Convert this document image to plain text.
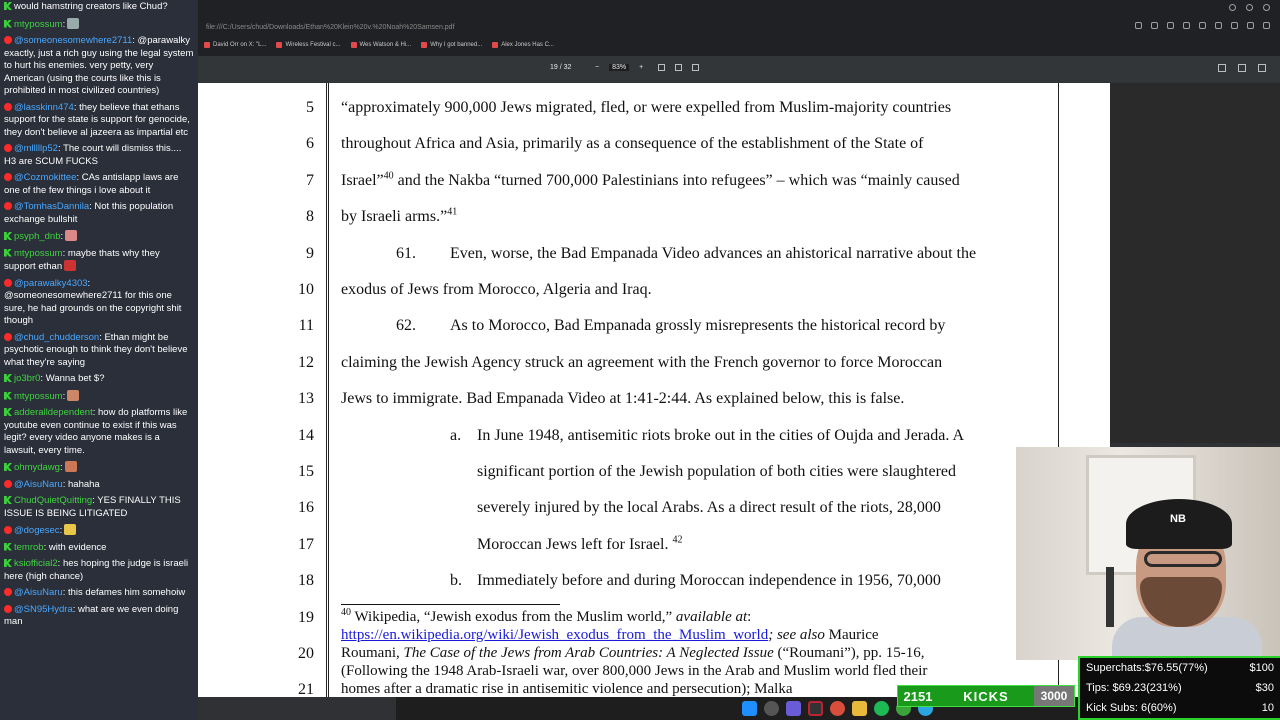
would hamstring creators like Chud?
mtypossum:
@someonesomewhere2711: @parawalky exactly, just a rich guy using the legal system to hurt his enemies. very petty, very American (using the courts like this is prohibited in most civilized countries)
@lasskinn474: they believe that ethans support for the state is support for genocide, they don't believe al jazeera as impartial etc
@mlllllp52: The court will dismiss this.... H3 are SCUM FUCKS
@Cozmokittee: CAs antislapp laws are one of the few things i love about it
@TomhasDannila: Not this population exchange bullshit
psyph_dnb:
mtypossum: maybe thats why they support ethan
@parawalky4303: @someonesomewhere2711 for this one sure, he had grounds on the copyright shit though
@chud_chudderson: Ethan might be psychotic enough to think they don't believe what they're saying
jo3br0: Wanna bet $?
mtypossum:
adderalldependent: how do platforms like youtube even continue to exist if this was legit? every video anyone makes is a lawsuit, every time.
ohmydawg:
@AisuNaru: hahaha
ChudQuietQuitting: YES FINALLY THIS ISSUE IS BEING LITIGATED
@dogesec:
temrob: with evidence
ksiofficial2: hes hoping the judge is israeli here (high chance)
@AisuNaru: this defames him somehoiw
@SN95Hydra: what are we even doing man
file:///C:/Users/chud/Downloads/Ethan%20Klein%20v.%20Noah%20Samsen.pdf
David Orr on X: "L...	Wireless Festival c...	Wes Watson & Hi...	Why I got banned...	Alex Jones Has C...
19 / 32	−	83%	+
5
6
7
8
9
10
11
12
13
14
15
16
17
18
19
20
21
“approximately 900,000 Jews migrated, fled, or were expelled from Muslim-majority countries
throughout Africa and Asia, primarily as a consequence of the establishment of the State of
Israel”$^{40}$ and the Nakba “turned 700,000 Palestinians into refugees” – which was “mainly caused
by Israeli arms.”$^{41}$
61. Even, worse, the Bad Empanada Video advances an ahistorical narrative about the
exodus of Jews from Morocco, Algeria and Iraq.
62. As to Morocco, Bad Empanada grossly misrepresents the historical record by
claiming the Jewish Agency struck an agreement with the French governor to force Moroccan
Jews to immigrate. Bad Empanada Video at 1:41-2:44. As explained below, this is false.
a. In June 1948, antisemitic riots broke out in the cities of Oujda and Jerada. A
significant portion of the Jewish population of both cities were slaughtered
severely injured by the local Arabs. As a direct result of the riots, 28,000
Moroccan Jews left for Israel. $^{42}$
b. Immediately before and during Moroccan independence in 1956, 70,000
$^{40}$ Wikipedia, “Jewish exodus from the Muslim world,” available at:
https://en.wikipedia.org/wiki/Jewish_exodus_from_the_Muslim_world; see also Maurice
Roumani, The Case of the Jews from Arab Countries: A Neglected Issue (“Roumani”), pp. 15-16,
(Following the 1948 Arab-Israeli war, over 800,000 Jews in the Arab and Muslim world fled their
homes after a dramatic rise in antisemitic violence and persecution); Malka
NB
2151	KICKS	3000
Superchats:$76.55(77%)	$100
Tips: $69.23(231%)	$30
Kick Subs: 6(60%)	10
